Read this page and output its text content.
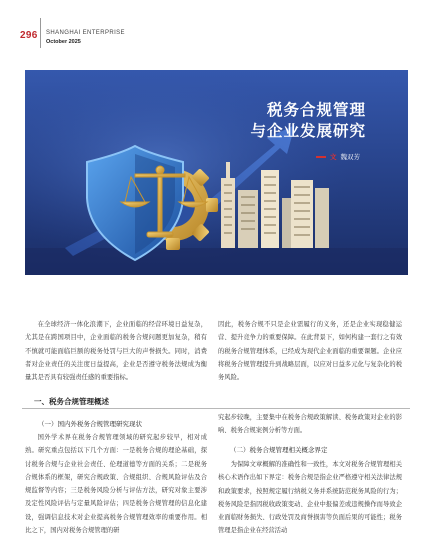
296 SHANGHAI ENTERPRISE
October 2025
税务合规管理
与企业发展研究
文 魏双芳

在全球经济一体化浪潮下，企业面临的经营环境日益复杂，尤其是在跨国项目中，企业面临的税务合规问题更加复杂，稍有不慎就可能面临巨额的税务处罚与巨大的声誉损失。同时，消费者对企业责任的关注度日益提高，企业是否遵守税务法规成为衡量其是否具有较强责任感的重要指标。

因此，税务合规不只是企业需履行的义务，还是企业实现稳健运营、提升竞争力的重要保障。在此背景下，如何构建一套行之有效的税务合规管理体系，已经成为现代企业面临的重要课题。企业应将税务合规管理提升到战略层面，以应对日益多元化与复杂化的税务风险。

一、税务合规管理概述
（一）国内外税务合规管理研究现状

国外学术界在税务合规管理领域的研究起步较早，相对成熟。研究重点包括以下几个方面：一是税务合规的理论基础，探讨税务合规与企业社会责任、伦理道德等方面的关系；二是税务合规体系的框架，研究合规政策、合规组织、合规风险评估及合规监督等内容；三是税务风险分析与评估方法，研究对象主要涉及定性风险评估与定量风险评估；四是税务合规管理的信息化建设，强调信息技术对企业提高税务合规管理效率的重要作用。相比之下，国内对税务合规管理的研

究起步较晚，主要集中在税务合规政策解读、税务政策对企业的影响、税务合规案例分析等方面。

（二）税务合规管理相关概念界定

为保障文章概解的准确性和一致性，本文对税务合规管理相关核心术语作出如下界定：税务合规是指企业严格遵守相关法律法规和政策要求，按照规定履行纳税义务并系统防范税务风险的行为；税务风险是指因税收政策变动、企业中报偏差或违规操作而导致企业面临财务损失、行政处罚及商誉损害等负面后果的可能性；税务管理是指企业在经营活动
